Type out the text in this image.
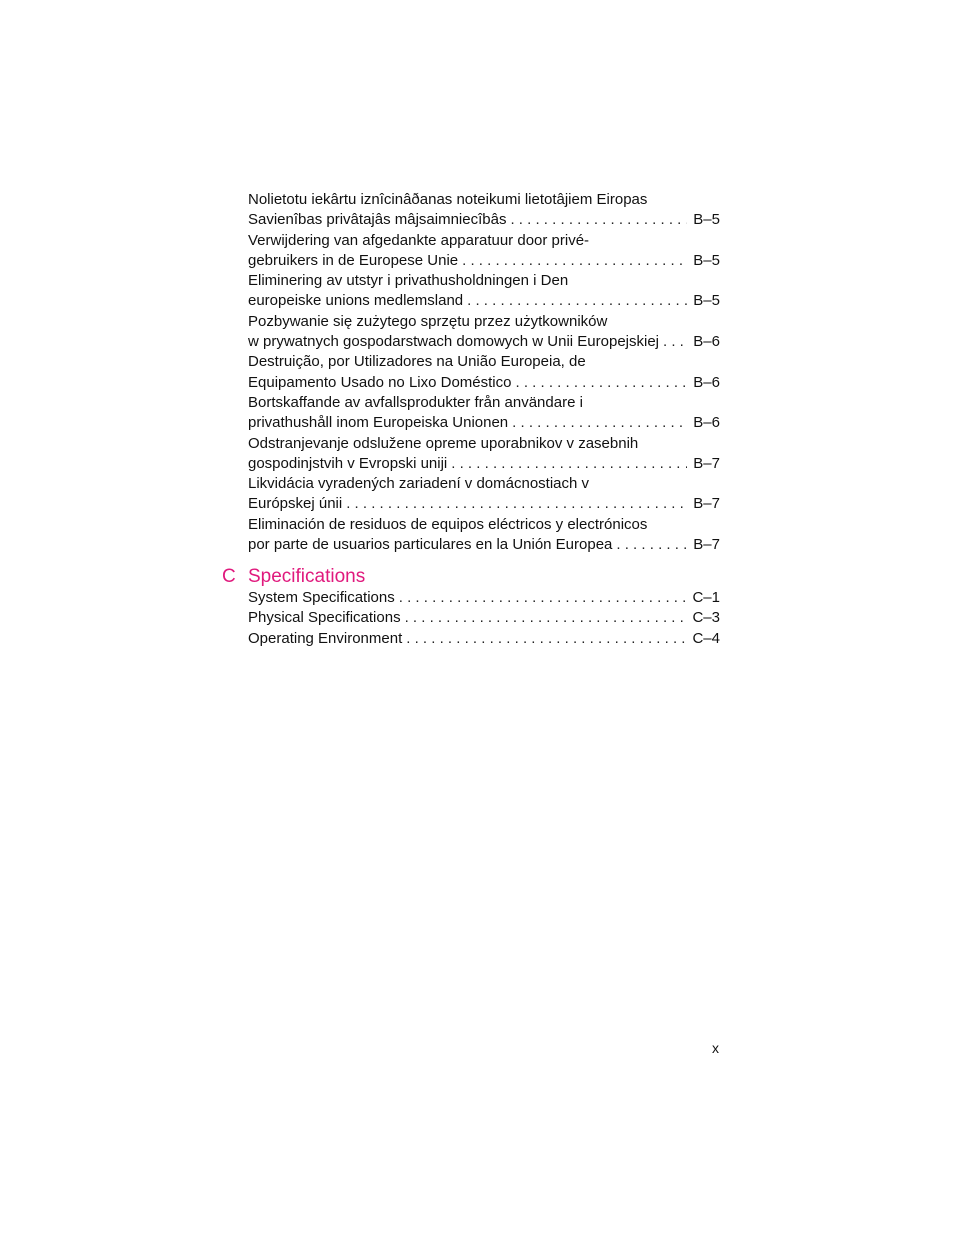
Nolietotu iekârtu iznîcinâðanas noteikumi lietotâjiem Eiropas
Savienîbas privâtajâs mâjsaimniecîbâs . . .	B–5
Verwijdering van afgedankte apparatuur door privé-
gebruikers in de Europese Unie . . .	B–5
Eliminering av utstyr i privathusholdningen i Den
europeiske unions medlemsland . . .	B–5
Pozbywanie się zużytego sprzętu przez użytkowników
w prywatnych gospodarstwach domowych w Unii Europejskiej . . . B–6
Destruição, por Utilizadores na União Europeia, de
Equipamento Usado no Lixo Doméstico . . .	B–6
Bortskaffande av avfallsprodukter från användare i
privathushåll inom Europeiska Unionen . . .	B–6
Odstranjevanje odslužene opreme uporabnikov v zasebnih
gospodinjstvih v Evropski uniji . . .	B–7
Likvidácia vyradených zariadení v domácnostiach v
Európskej únii . . .	B–7
Eliminación de residuos de equipos eléctricos y electrónicos
por parte de usuarios particulares en la Unión Europea . . .	B–7
C Specifications
System Specifications . . .	C–1
Physical Specifications . . .	C–3
Operating Environment . . .	C–4
x
